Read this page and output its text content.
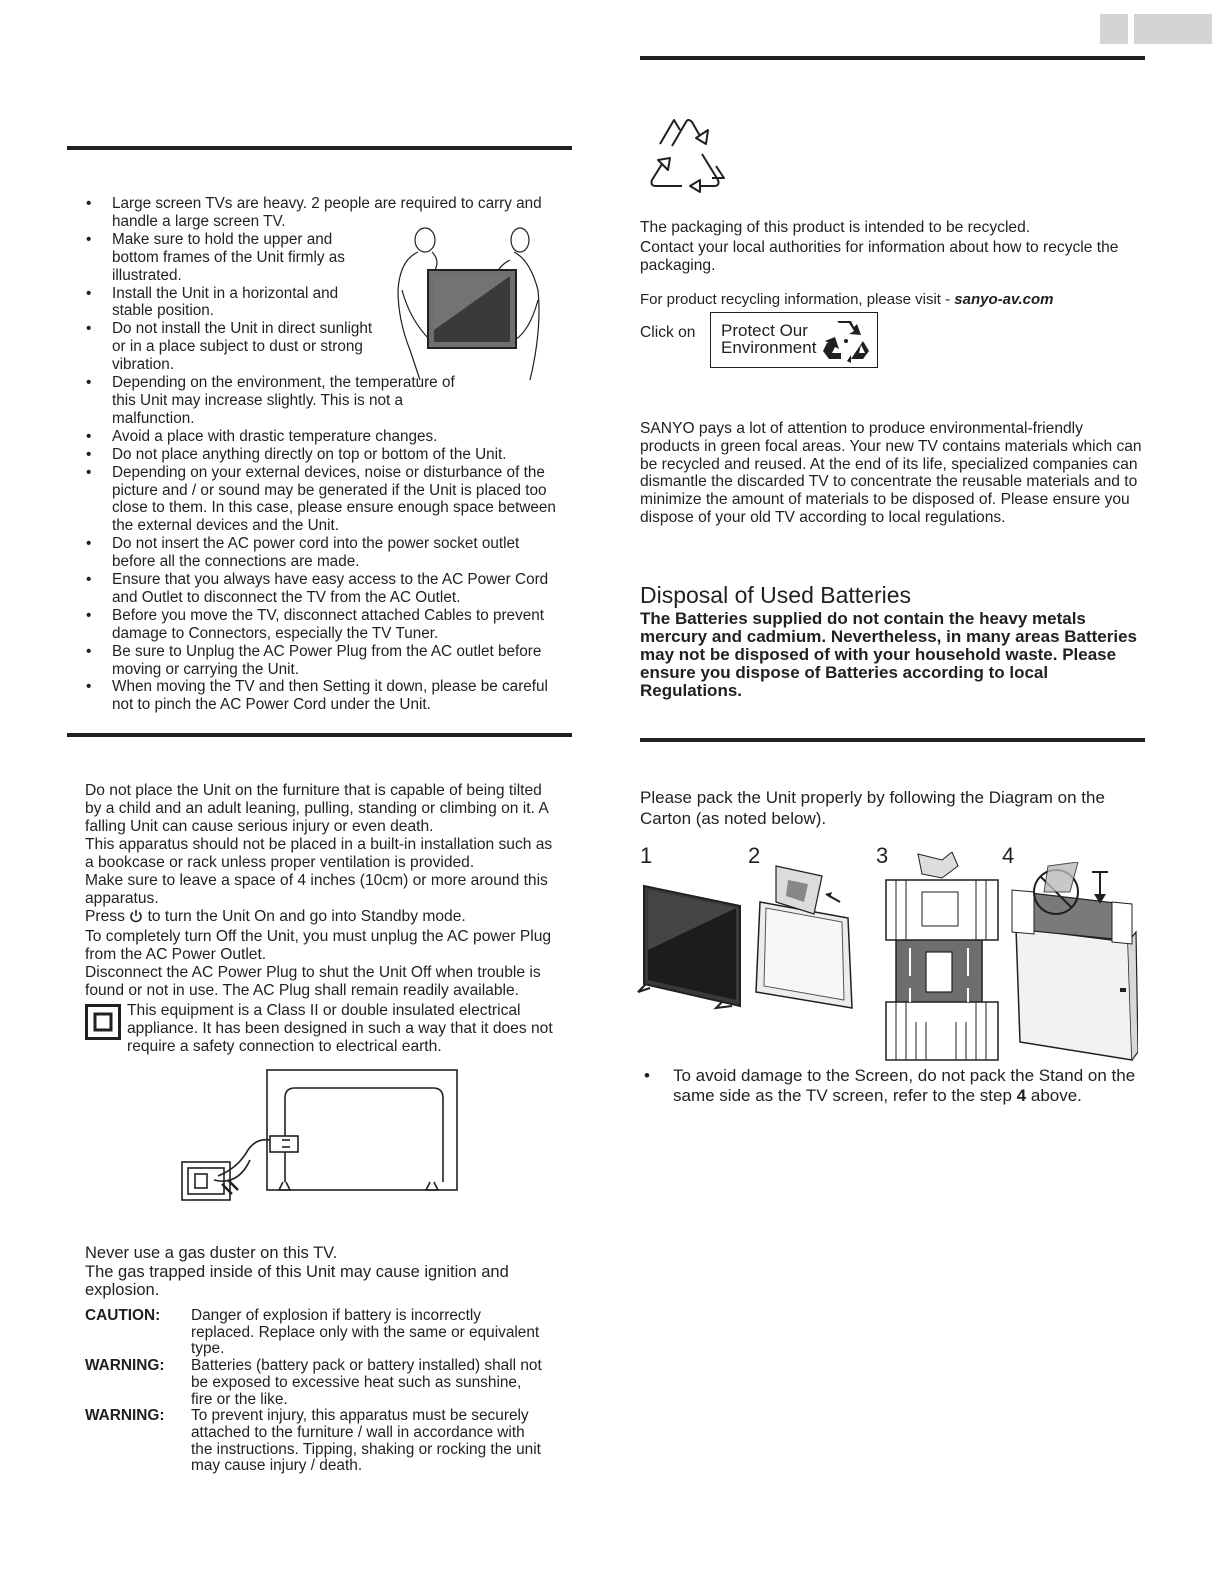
• Large screen TVs are heavy. 2 people are required to carry and handle a large screen TV.
• Make sure to hold the upper and bottom frames of the Unit firmly as illustrated.
• Install the Unit in a horizontal and stable position.
• Do not install the Unit in direct sunlight or in a place subject to dust or strong vibration.
• Depending on the environment, the temperature of this Unit may increase slightly. This is not a malfunction.
• Avoid a place with drastic temperature changes.
• Do not place anything directly on top or bottom of the Unit.
• Depending on your external devices, noise or disturbance of the picture and / or sound may be generated if the Unit is placed too close to them. In this case, please ensure enough space between the external devices and the Unit.
• Do not insert the AC power cord into the power socket outlet before all the connections are made.
• Ensure that you always have easy access to the AC Power Cord and Outlet to disconnect the TV from the AC Outlet.
• Before you move the TV, disconnect attached Cables to prevent damage to Connectors, especially the TV Tuner.
• Be sure to Unplug the AC Power Plug from the AC outlet before moving or carrying the Unit.
• When moving the TV and then Setting it down, please be careful not to pinch the AC Power Cord under the Unit.
Do not place the Unit on the furniture that is capable of being tilted by a child and an adult leaning, pulling, standing or climbing on it. A falling Unit can cause serious injury or even death.
This apparatus should not be placed in a built-in installation such as a bookcase or rack unless proper ventilation is provided.
Make sure to leave a space of 4 inches (10cm) or more around this apparatus.
Press to turn the Unit On and go into Standby mode.
To completely turn Off the Unit, you must unplug the AC power Plug from the AC Power Outlet.
Disconnect the AC Power Plug to shut the Unit Off when trouble is found or not in use. The AC Plug shall remain readily available.
This equipment is a Class II or double insulated electrical appliance. It has been designed in such a way that it does not require a safety connection to electrical earth.
Never use a gas duster on this TV.
The gas trapped inside of this Unit may cause ignition and explosion.
CAUTION:	Danger of explosion if battery is incorrectly replaced. Replace only with the same or equivalent type.
WARNING:	Batteries (battery pack or battery installed) shall not be exposed to excessive heat such as sunshine, fire or the like.
WARNING:	To prevent injury, this apparatus must be securely attached to the furniture / wall in accordance with the instructions. Tipping, shaking or rocking the unit may cause injury / death.
The packaging of this product is intended to be recycled.
Contact your local authorities for information about how to recycle the packaging.
For product recycling information, please visit - sanyo-av.com
Click on Protect Our
Environment
SANYO pays a lot of attention to produce environmental-friendly products in green focal areas. Your new TV contains materials which can be recycled and reused. At the end of its life, specialized companies can dismantle the discarded TV to concentrate the reusable materials and to minimize the amount of materials to be disposed of. Please ensure you dispose of your old TV according to local regulations.
Disposal of Used Batteries
The Batteries supplied do not contain the heavy metals mercury and cadmium. Nevertheless, in many areas Batteries may not be disposed of with your household waste. Please ensure you dispose of Batteries according to local Regulations.
Please pack the Unit properly by following the Diagram on the Carton (as noted below).
1	2	3	4
• To avoid damage to the Screen, do not pack the Stand on the same side as the TV screen, refer to the step 4 above.
